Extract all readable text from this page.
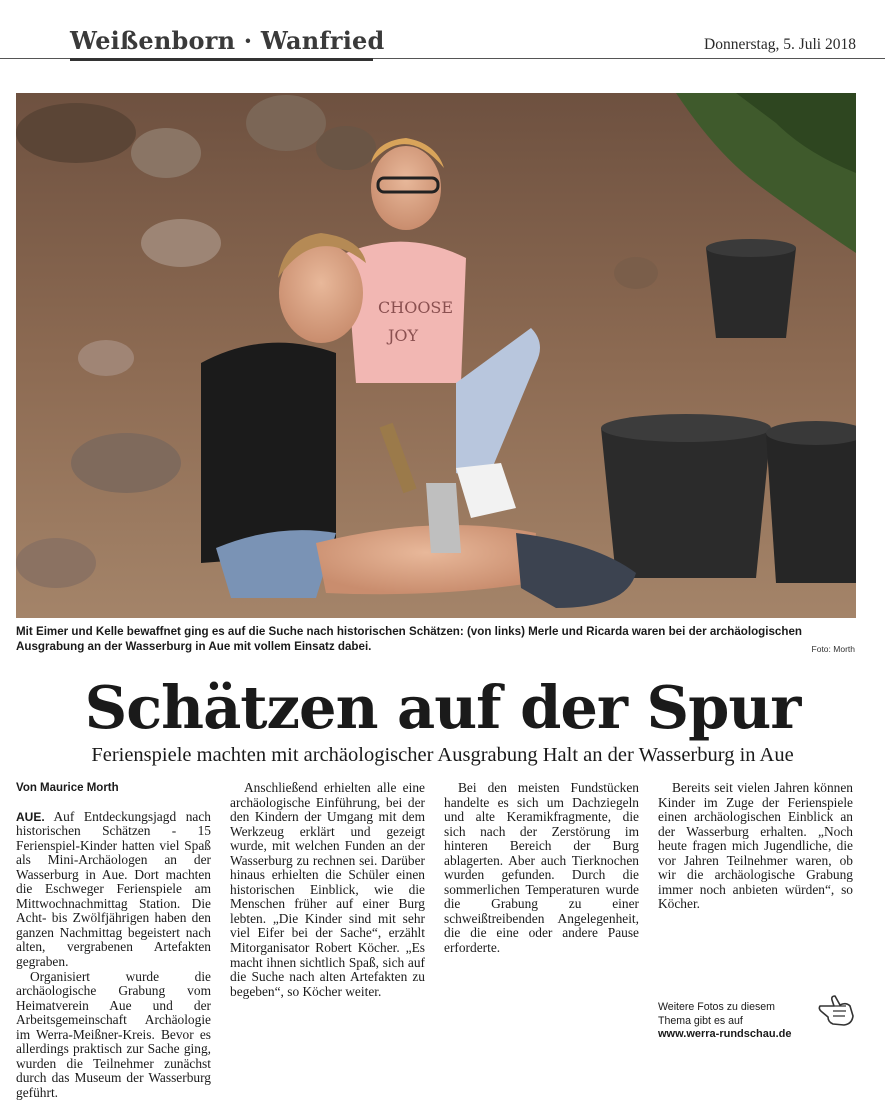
Weißenborn · Wanfried	Donnerstag, 5. Juli 2018
CHOOSE
JOY
Mit Eimer und Kelle bewaffnet ging es auf die Suche nach historischen Schätzen: (von links) Merle und Ricarda waren bei der archäologischen Ausgrabung an der Wasserburg in Aue mit vollem Einsatz dabei.	Foto: Morth
Schätzen auf der Spur
Ferienspiele machten mit archäologischer Ausgrabung Halt an der Wasserburg in Aue
Von Maurice Morth

AUE. Auf Entdeckungsjagd nach historischen Schätzen - 15 Ferienspiel-Kinder hatten viel Spaß als Mini-Archäologen an der Wasserburg in Aue. Dort machten die Eschweger Ferienspiele am Mittwochnachmittag Station. Die Acht- bis Zwölfjährigen haben den ganzen Nachmittag begeistert nach alten, vergrabenen Artefakten gegraben.

Organisiert wurde die archäologische Grabung vom Heimatverein Aue und der Arbeitsgemeinschaft Archäologie im Werra-Meißner-Kreis. Bevor es allerdings praktisch zur Sache ging, wurden die Teilnehmer zunächst durch das Museum der Wasserburg geführt.

Anschließend erhielten alle eine archäologische Einführung, bei der den Kindern der Umgang mit dem Werkzeug erklärt und gezeigt wurde, mit welchen Funden an der Wasserburg zu rechnen sei. Darüber hinaus erhielten die Schüler einen historischen Einblick, wie die Menschen früher auf einer Burg lebten. „Die Kinder sind mit sehr viel Eifer bei der Sache“, erzählt Mitorganisator Robert Köcher. „Es macht ihnen sichtlich Spaß, sich auf die Suche nach alten Artefakten zu begeben“, so Köcher weiter.

Bei den meisten Fundstücken handelte es sich um Dachziegeln und alte Keramikfragmente, die sich nach der Zerstörung im hinteren Bereich der Burg ablagerten. Aber auch Tierknochen wurden gefunden. Durch die sommerlichen Temperaturen wurde die Grabung zu einer schweißtreibenden Angelegenheit, die die eine oder andere Pause erforderte.

Bereits seit vielen Jahren können Kinder im Zuge der Ferienspiele einen archäologischen Einblick an der Wasserburg erhalten. „Noch heute fragen mich Jugendliche, die vor Jahren Teilnehmer waren, ob wir die archäologische Grabung immer noch anbieten würden“, so Köcher.

Weitere Fotos zu diesem
Thema gibt es auf
www.werra-rundschau.de
